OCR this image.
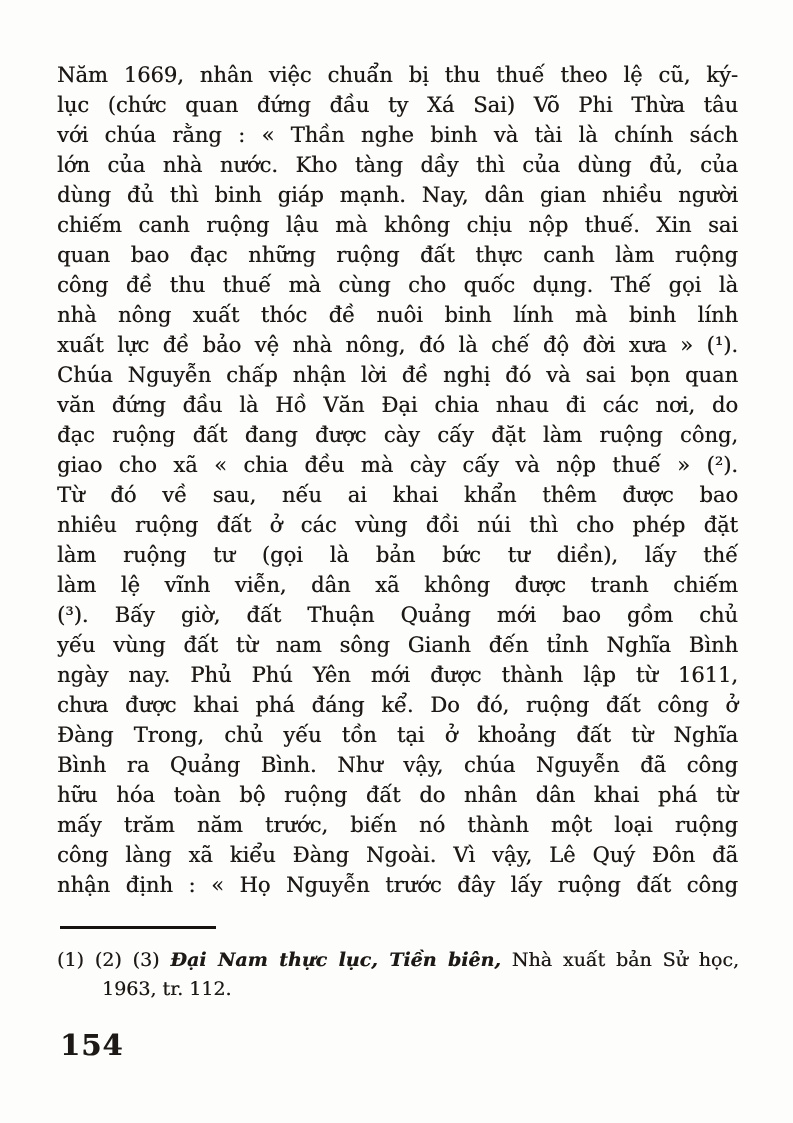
Năm 1669, nhân việc chuẩn bị thu thuế theo lệ cũ, ký-
lục (chức quan đứng đầu ty Xá Sai) Võ Phi Thừa tâu
với chúa rằng : « Thần nghe binh và tài là chính sách
lớn của nhà nước. Kho tàng dầy thì của dùng đủ, của
dùng đủ thì binh giáp mạnh. Nay, dân gian nhiều người
chiếm canh ruộng lậu mà không chịu nộp thuế. Xin sai
quan bao đạc những ruộng đất thực canh làm ruộng
công đề thu thuế mà cùng cho quốc dụng. Thế gọi là
nhà nông xuất thóc đề nuôi binh lính mà binh lính
xuất lực đề bảo vệ nhà nông, đó là chế độ đời xưa » (¹).
Chúa Nguyễn chấp nhận lời đề nghị đó và sai bọn quan
văn đứng đầu là Hồ Văn Đại chia nhau đi các nơi, do
đạc ruộng đất đang được cày cấy đặt làm ruộng công,
giao cho xã « chia đều mà cày cấy và nộp thuế » (²).
Từ đó về sau, nếu ai khai khẩn thêm được bao
nhiêu ruộng đất ở các vùng đồi núi thì cho phép đặt
làm ruộng tư (gọi là bản bức tư diền), lấy thế
làm lệ vĩnh viễn, dân xã không được tranh chiếm
(³). Bấy giờ, đất Thuận Quảng mới bao gồm chủ
yếu vùng đất từ nam sông Gianh đến tỉnh Nghĩa Bình
ngày nay. Phủ Phú Yên mới được thành lập từ 1611,
chưa được khai phá đáng kể. Do đó, ruộng đất công ở
Đàng Trong, chủ yếu tồn tại ở khoảng đất từ Nghĩa
Bình ra Quảng Bình. Như vậy, chúa Nguyễn đã công
hữu hóa toàn bộ ruộng đất do nhân dân khai phá từ
mấy trăm năm trước, biến nó thành một loại ruộng
công làng xã kiểu Đàng Ngoài. Vì vậy, Lê Quý Đôn đã
nhận định : « Họ Nguyễn trước đây lấy ruộng đất công
(1) (2) (3) Đại Nam thực lục, Tiền biên, Nhà xuất bản Sử học,
1963, tr. 112.
154
